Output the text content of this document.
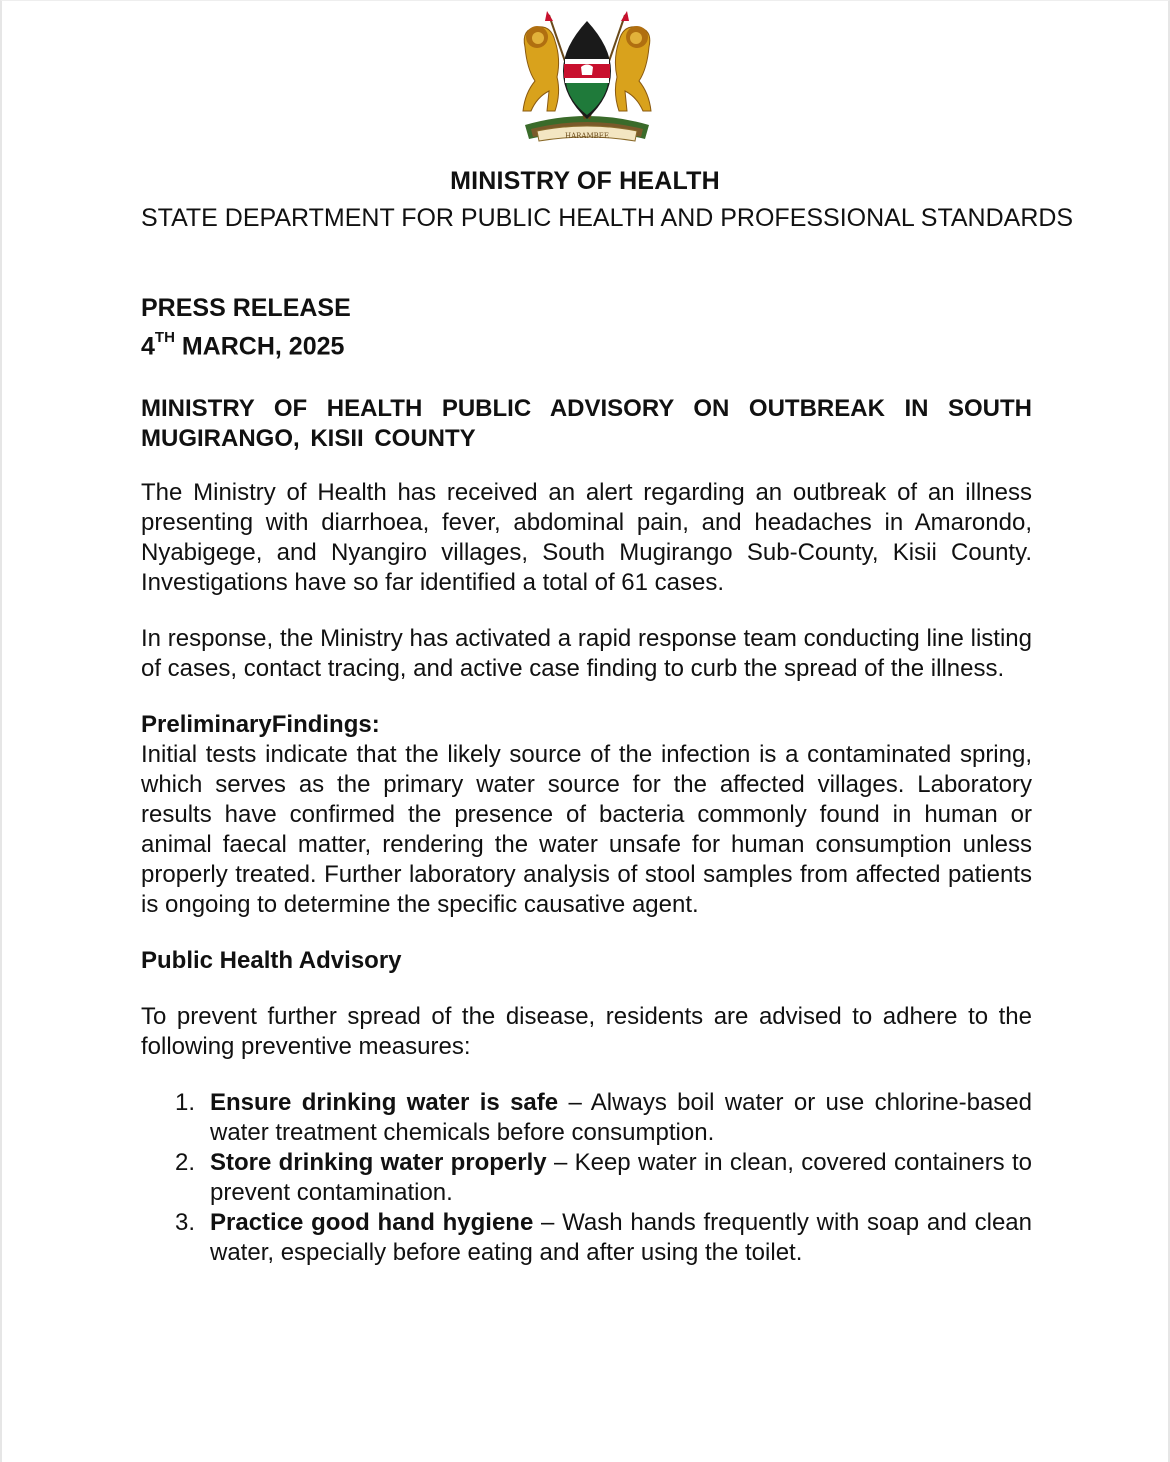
HARAMBEE
MINISTRY OF HEALTH
STATE DEPARTMENT FOR PUBLIC HEALTH AND PROFESSIONAL STANDARDS
PRESS RELEASE
4TH MARCH, 2025

MINISTRY OF HEALTH PUBLIC ADVISORY ON OUTBREAK IN SOUTH MUGIRANGO, KISII COUNTY

The Ministry of Health has received an alert regarding an outbreak of an illness presenting with diarrhoea, fever, abdominal pain, and headaches in Amarondo, Nyabigege, and Nyangiro villages, South Mugirango Sub-County, Kisii County. Investigations have so far identified a total of 61 cases.

In response, the Ministry has activated a rapid response team conducting line listing of cases, contact tracing, and active case finding to curb the spread of the illness.

PreliminaryFindings:

Initial tests indicate that the likely source of the infection is a contaminated spring, which serves as the primary water source for the affected villages. Laboratory results have confirmed the presence of bacteria commonly found in human or animal faecal matter, rendering the water unsafe for human consumption unless properly treated. Further laboratory analysis of stool samples from affected patients is ongoing to determine the specific causative agent.

Public Health Advisory

To prevent further spread of the disease, residents are advised to adhere to the following preventive measures:

1. Ensure drinking water is safe – Always boil water or use chlorine-based water treatment chemicals before consumption.
2. Store drinking water properly – Keep water in clean, covered containers to prevent contamination.
3. Practice good hand hygiene – Wash hands frequently with soap and clean water, especially before eating and after using the toilet.
